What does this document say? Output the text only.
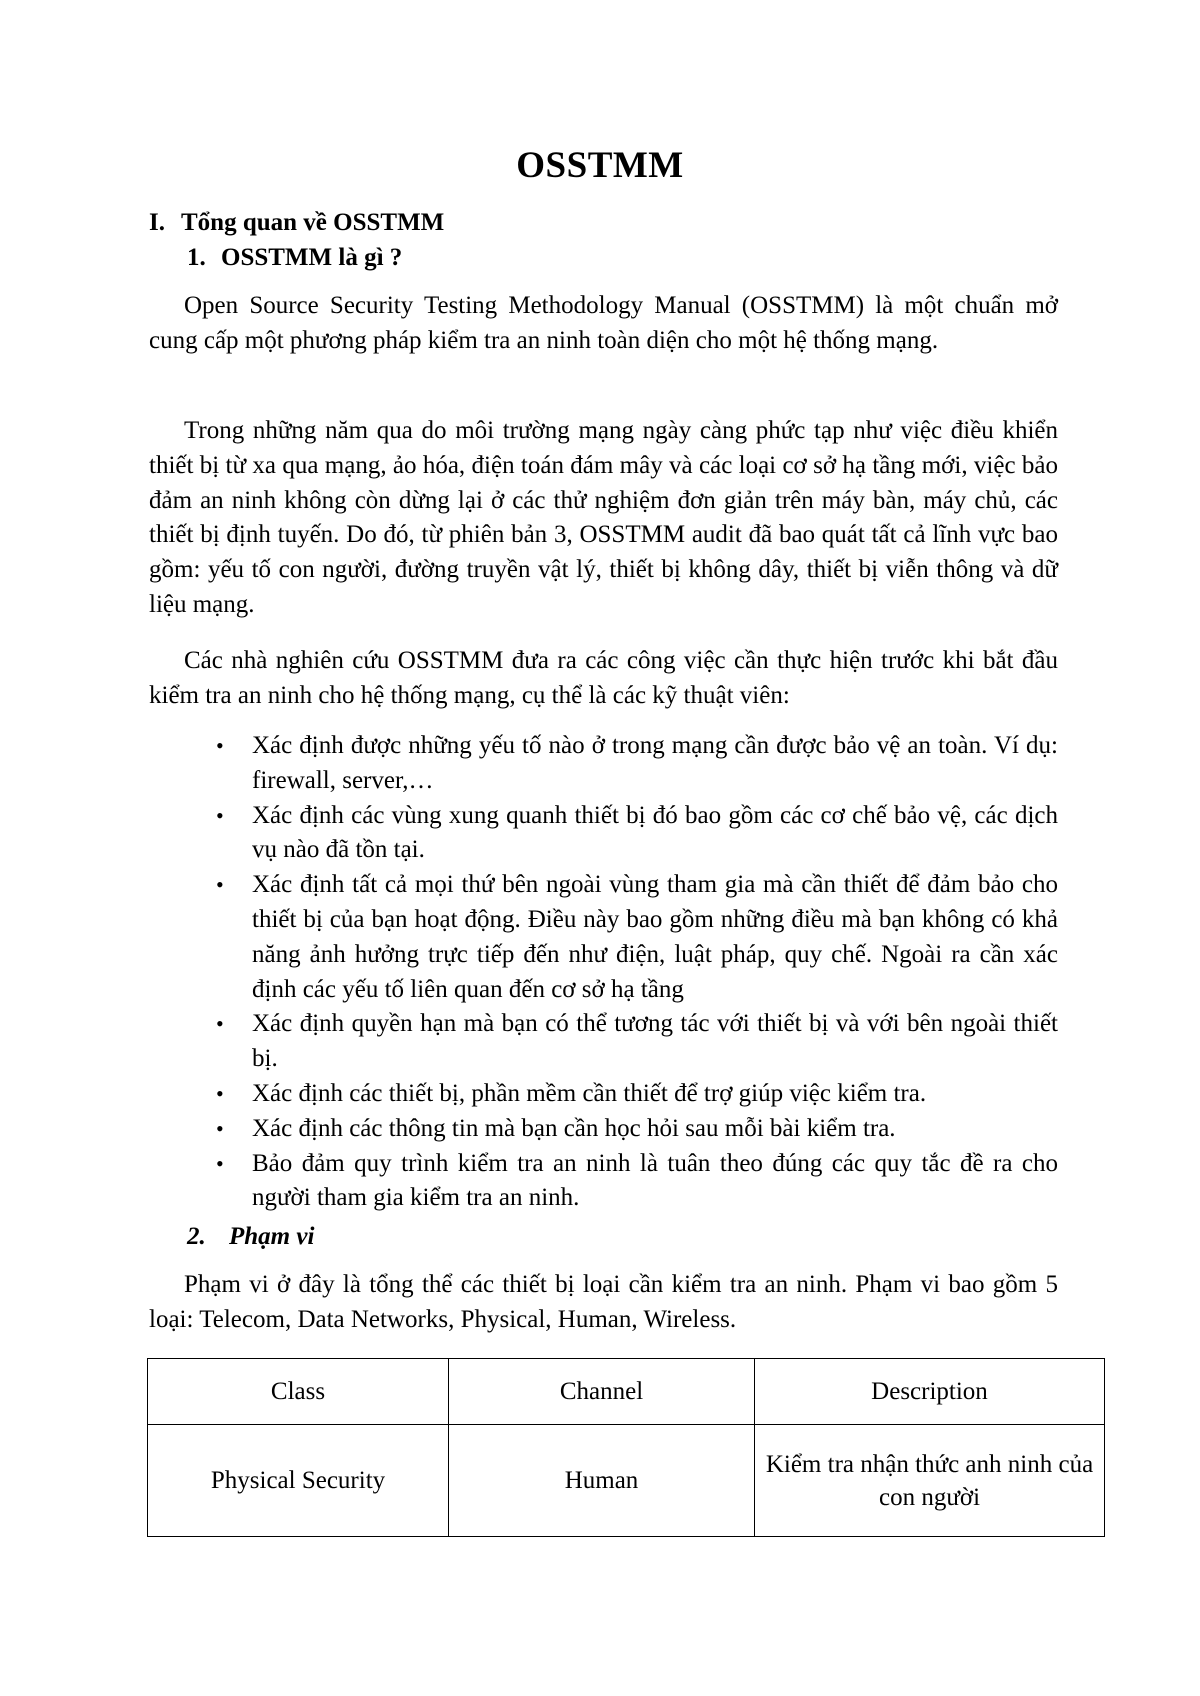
OSSTMM
I. Tổng quan về OSSTMM
1. OSSTMM là gì ?

Open Source Security Testing Methodology Manual (OSSTMM) là một chuẩn mở cung cấp một phương pháp kiểm tra an ninh toàn diện cho một hệ thống mạng.

Trong những năm qua do môi trường mạng ngày càng phức tạp như việc điều khiển thiết bị từ xa qua mạng, ảo hóa, điện toán đám mây và các loại cơ sở hạ tầng mới, việc bảo đảm an ninh không còn dừng lại ở các thử nghiệm đơn giản trên máy bàn, máy chủ, các thiết bị định tuyến. Do đó, từ phiên bản 3, OSSTMM audit đã bao quát tất cả lĩnh vực bao gồm: yếu tố con người, đường truyền vật lý, thiết bị không dây, thiết bị viễn thông và dữ liệu mạng.

Các nhà nghiên cứu OSSTMM đưa ra các công việc cần thực hiện trước khi bắt đầu kiểm tra an ninh cho hệ thống mạng, cụ thể là các kỹ thuật viên:

•	Xác định được những yếu tố nào ở trong mạng cần được bảo vệ an toàn. Ví dụ: firewall, server,…
•	Xác định các vùng xung quanh thiết bị đó bao gồm các cơ chế bảo vệ, các dịch vụ nào đã tồn tại.
•	Xác định tất cả mọi thứ bên ngoài vùng tham gia mà cần thiết để đảm bảo cho thiết bị của bạn hoạt động. Điều này bao gồm những điều mà bạn không có khả năng ảnh hưởng trực tiếp đến như điện, luật pháp, quy chế. Ngoài ra cần xác định các yếu tố liên quan đến cơ sở hạ tầng
•	Xác định quyền hạn mà bạn có thể tương tác với thiết bị và với bên ngoài thiết bị.
•	Xác định các thiết bị, phần mềm cần thiết để trợ giúp việc kiểm tra.
•	Xác định các thông tin mà bạn cần học hỏi sau mỗi bài kiểm tra.
•	Bảo đảm quy trình kiểm tra an ninh là tuân theo đúng các quy tắc đề ra cho người tham gia kiểm tra an ninh.
2. Phạm vi

Phạm vi ở đây là tổng thể các thiết bị loại cần kiểm tra an ninh. Phạm vi bao gồm 5 loại: Telecom, Data Networks, Physical, Human, Wireless.

Class	Channel	Description
Physical Security	Human	Kiểm tra nhận thức anh ninh của con người
